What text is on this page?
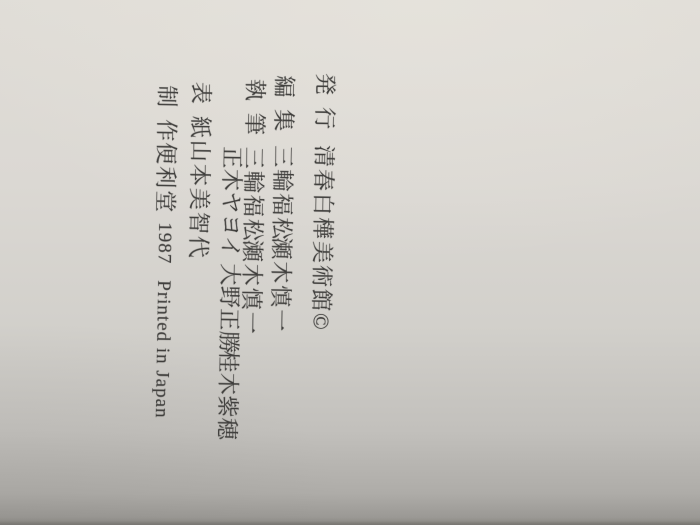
発行
清春白樺美術館©
編集
三輪福松
瀬木慎一
執筆
三輪福松
瀬木慎一
正木ヤヨイ
大野正勝
桂木紫穂
表紙
山本美智代
制作
便利堂
1987
Printed in Japan
